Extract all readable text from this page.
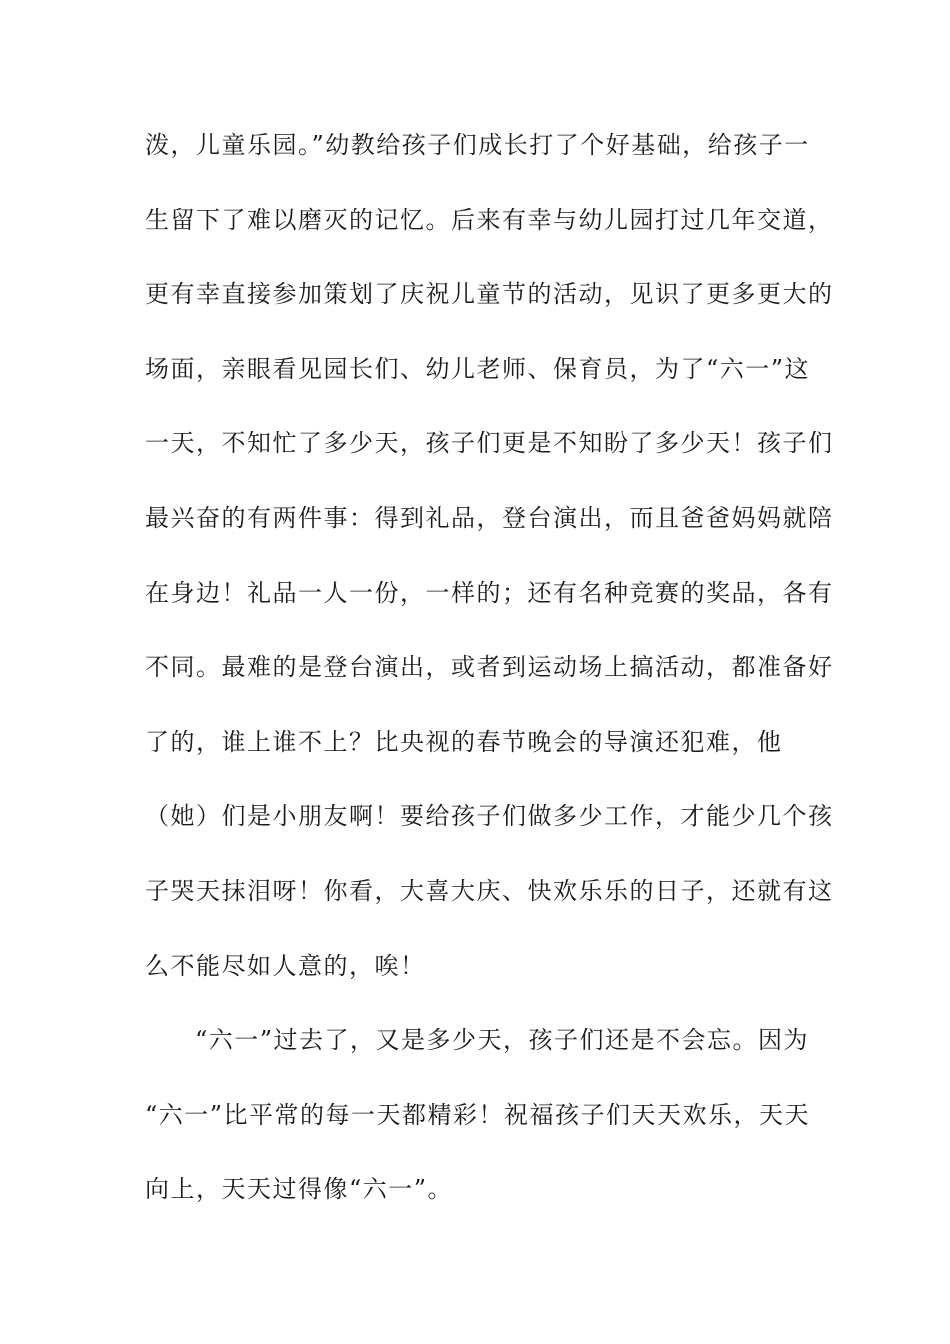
泼，儿童乐园。”幼教给孩子们成长打了个好基础，给孩子一
生留下了难以磨灭的记忆。后来有幸与幼儿园打过几年交道，
更有幸直接参加策划了庆祝儿童节的活动，见识了更多更大的
场面，亲眼看见园长们、幼儿老师、保育员，为了“六一”这
一天，不知忙了多少天，孩子们更是不知盼了多少天！孩子们
最兴奋的有两件事：得到礼品，登台演出，而且爸爸妈妈就陪
在身边！礼品一人一份，一样的；还有名种竞赛的奖品，各有
不同。最难的是登台演出，或者到运动场上搞活动，都准备好
了的，谁上谁不上？比央视的春节晚会的导演还犯难，他
（她）们是小朋友啊！要给孩子们做多少工作，才能少几个孩
子哭天抹泪呀！你看，大喜大庆、快欢乐乐的日子，还就有这
么不能尽如人意的，唉！
“六一”过去了，又是多少天，孩子们还是不会忘。因为
“六一”比平常的每一天都精彩！祝福孩子们天天欢乐，天天
向上，天天过得像“六一”。
